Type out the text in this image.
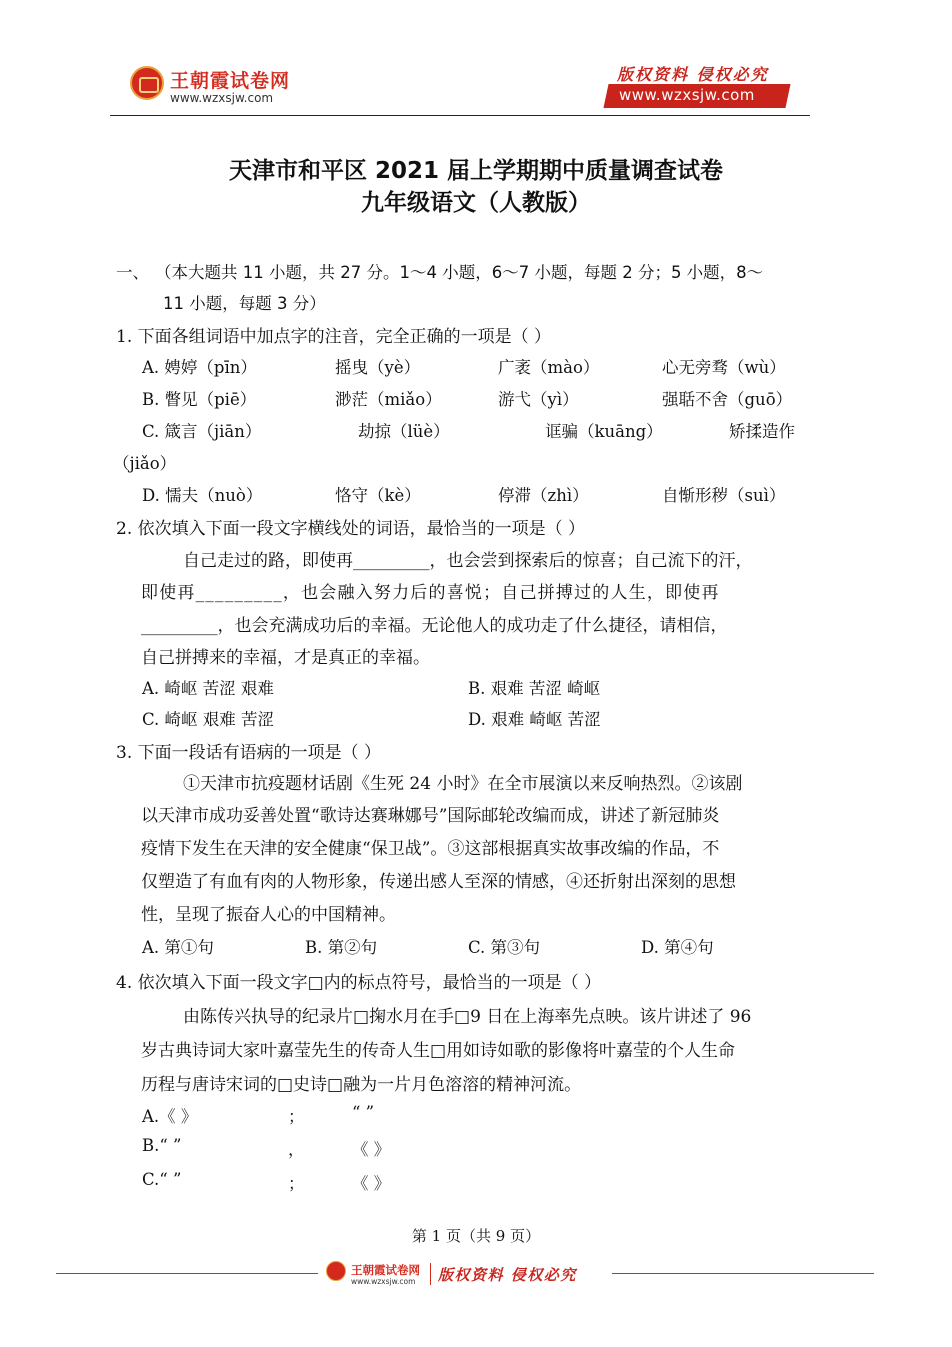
王朝霞试卷网
www.wzxsjw.com
版权资料 侵权必究
www.wzxsjw.com
天津市和平区 2021 届上学期期中质量调查试卷
九年级语文（人教版）
一、 （本大题共 11 小题，共 27 分。1～4 小题，6～7 小题，每题 2 分；5 小题，8～
11 小题，每题 3 分）
1. 下面各组词语中加点字的注音，完全正确的一项是（ ）
A. 娉婷（pīn）	摇曳（yè）	广袤（mào）	心无旁骛（wù）
B. 瞥见（piē）	渺茫（miǎo）	游弋（yì）	强聒不舍（guō）
C. 箴言（jiān）	劫掠（lüè）	诓骗（kuāng）	矫揉造作
（jiǎo）
D. 懦夫（nuò）	恪守（kè）	停滞（zhì）	自惭形秽（suì）
2. 依次填入下面一段文字横线处的词语，最恰当的一项是（ ）
自己走过的路，即使再_________，也会尝到探索后的惊喜；自己流下的汗，
即使再_________，也会融入努力后的喜悦；自己拼搏过的人生，即使再
_________，也会充满成功后的幸福。无论他人的成功走了什么捷径，请相信，
自己拼搏来的幸福，才是真正的幸福。
A. 崎岖 苦涩 艰难	B. 艰难 苦涩 崎岖
C. 崎岖 艰难 苦涩	D. 艰难 崎岖 苦涩
3. 下面一段话有语病的一项是（ ）
①天津市抗疫题材话剧《生死 24 小时》在全市展演以来反响热烈。②该剧
以天津市成功妥善处置“歌诗达赛琳娜号”国际邮轮改编而成，讲述了新冠肺炎
疫情下发生在天津的安全健康“保卫战”。③这部根据真实故事改编的作品，不
仅塑造了有血有肉的人物形象，传递出感人至深的情感，④还折射出深刻的思想
性，呈现了振奋人心的中国精神。
A. 第①句	B. 第②句	C. 第③句	D. 第④句
4. 依次填入下面一段文字□内的标点符号，最恰当的一项是（ ）
由陈传兴执导的纪录片□掬水月在手□9 日在上海率先点映。该片讲述了 96
岁古典诗词大家叶嘉莹先生的传奇人生□用如诗如歌的影像将叶嘉莹的个人生命
历程与唐诗宋词的□史诗□融为一片月色溶溶的精神河流。
A.《 》	；	“ ”
B.“ ”	，	《 》
C.“ ”	；	《 》
第 1 页（共 9 页）
王朝霞试卷网
www.wzxsjw.com 版权资料 侵权必究
